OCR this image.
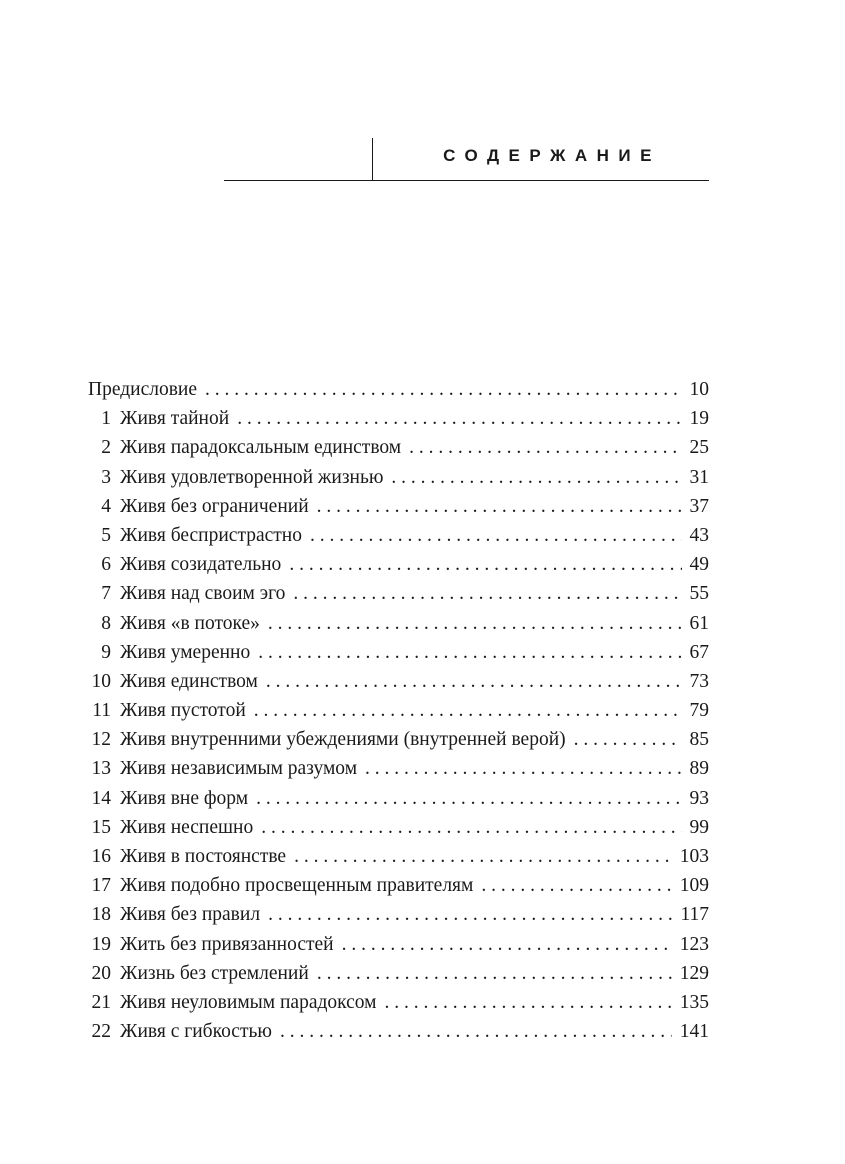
СОДЕРЖАНИЕ
Предисловие . . .	10
1 Живя тайной . . .	19
2 Живя парадоксальным единством . . .	25
3 Живя удовлетворенной жизнью . . .	31
4 Живя без ограничений . . .	37
5 Живя беспристрастно . . .	43
6 Живя созидательно . . .	49
7 Живя над своим эго . . .	55
8 Живя «в потоке» . . .	61
9 Живя умеренно . . .	67
10 Живя единством . . .	73
11 Живя пустотой . . .	79
12 Живя внутренними убеждениями (внутренней верой) . . .	85
13 Живя независимым разумом . . .	89
14 Живя вне форм . . .	93
15 Живя неспешно . . .	99
16 Живя в постоянстве . . .	103
17 Живя подобно просвещенным правителям . . .	109
18 Живя без правил . . .	117
19 Жить без привязанностей . . .	123
20 Жизнь без стремлений . . .	129
21 Живя неуловимым парадоксом . . .	135
22 Живя с гибкостью . . .	141
